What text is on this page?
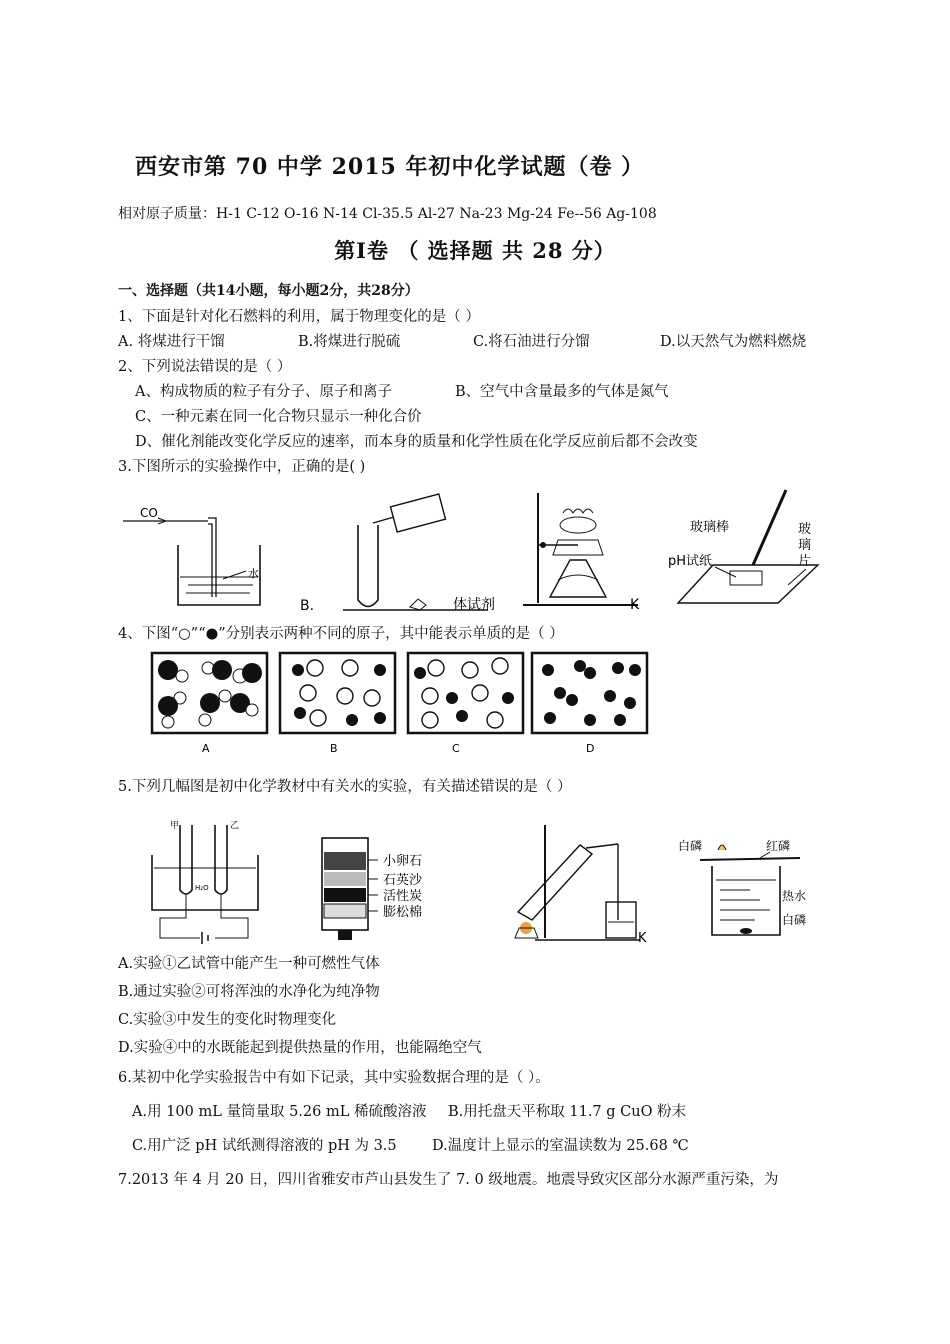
西安市第 70 中学 2015 年初中化学试题（卷 ）
相对原子质量：H-1 C-12 O-16 N-14 Cl-35.5 Al-27 Na-23 Mg-24 Fe--56 Ag-108
第Ⅰ卷 （ 选择题 共 28 分）
一、选择题（共14小题，每小题2分，共28分）
1、下面是针对化石燃料的利用，属于物理变化的是（ ）
A. 将煤进行干馏	B.将煤进行脱硫	C.将石油进行分馏	D.以天然气为燃料燃烧
2、下列说法错误的是（ ）
A、构成物质的粒子有分子、原子和离子	B、空气中含量最多的气体是氮气
C、一种元素在同一化合物只显示一种化合价
D、催化剂能改变化学反应的速率，而本身的质量和化学性质在化学反应前后都不会改变
3.下图所示的实验操作中，正确的是( )
CO
水
B.	体试剂	K
玻璃棒	玻
璃
片
pH试纸
4、下图“○”“●”分别表示两种不同的原子，其中能表示单质的是（ ）
A	B	C	D
5.下列几幅图是初中化学教材中有关水的实验，有关描述错误的是（ ）
甲	乙
H₂O
小卵石
石英沙
活性炭
膨松棉
K
白磷	红磷
热水
白磷
A.实验①乙试管中能产生一种可燃性气体
B.通过实验②可将浑浊的水净化为纯净物
C.实验③中发生的变化时物理变化
D.实验④中的水既能起到提供热量的作用，也能隔绝空气
6.某初中化学实验报告中有如下记录，其中实验数据合理的是（ ）。
A.用 100 mL 量筒量取 5.26 mL 稀硫酸溶液 B.用托盘天平称取 11.7 g CuO 粉末
C.用广泛 pH 试纸测得溶液的 pH 为 3.5 D.温度计上显示的室温读数为 25.68 ℃
7.2013 年 4 月 20 日，四川省雅安市芦山县发生了 7. 0 级地震。地震导致灾区部分水源严重污染，为
